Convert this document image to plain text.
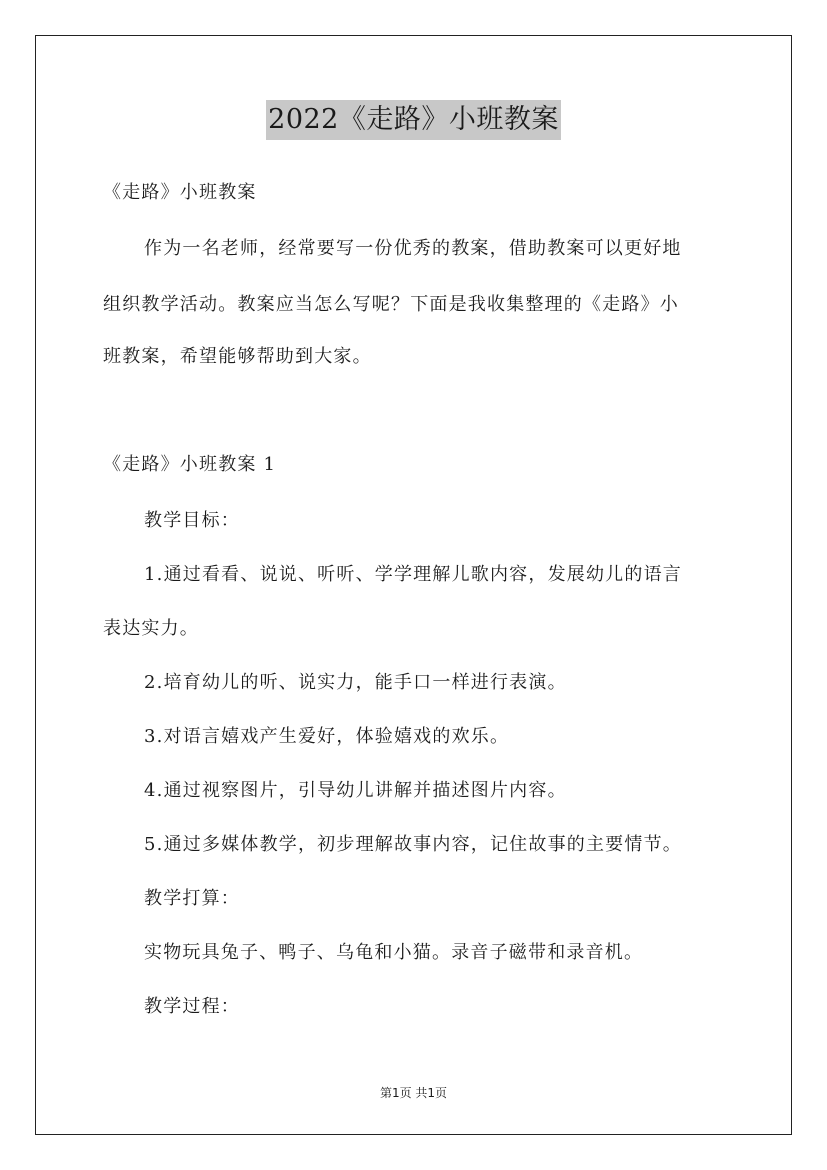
2022《走路》小班教案
《走路》小班教案
作为一名老师，经常要写一份优秀的教案，借助教案可以更好地
组织教学活动。教案应当怎么写呢？下面是我收集整理的《走路》小
班教案，希望能够帮助到大家。
《走路》小班教案 1
教学目标：
1.通过看看、说说、听听、学学理解儿歌内容，发展幼儿的语言
表达实力。
2.培育幼儿的听、说实力，能手口一样进行表演。
3.对语言嬉戏产生爱好，体验嬉戏的欢乐。
4.通过视察图片，引导幼儿讲解并描述图片内容。
5.通过多媒体教学，初步理解故事内容，记住故事的主要情节。
教学打算：
实物玩具兔子、鸭子、乌龟和小猫。录音子磁带和录音机。
教学过程：
第1页 共1页
